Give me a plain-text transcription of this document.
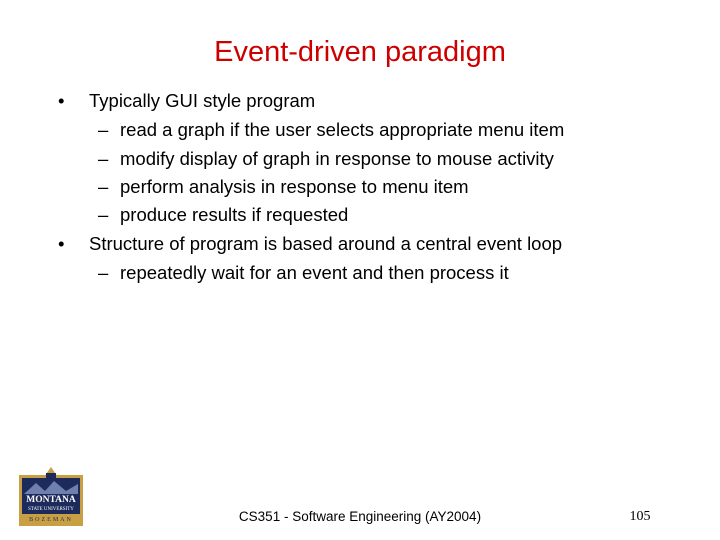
Event-driven paradigm
• Typically GUI style program
– read a graph if the user selects appropriate menu item
– modify display of graph in response to mouse activity
– perform analysis in response to menu item
– produce results if requested
• Structure of program is based around a central event loop
– repeatedly wait for an event and then process it
MONTANA
STATE UNIVERSITY
BOZEMAN	CS351 - Software Engineering (AY2004)	105
